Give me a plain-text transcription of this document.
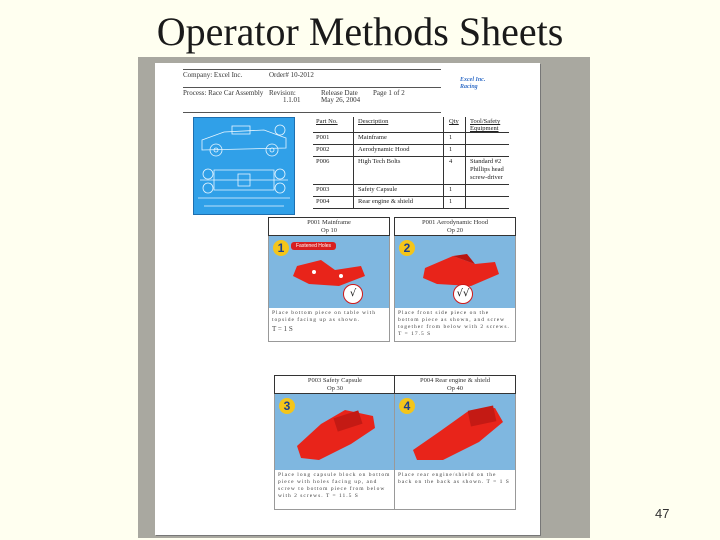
Operator Methods Sheets
Company: Excel Inc.	Order# 10-2012
Process: Race Car Assembly Revision:
1.1.01
Release Date
May 26, 2004
Page 1 of 2
Excel Inc. Racing
Part No.	Description	Qty Tool/Safety Equipment
P001	Mainframe	1
P002	Aerodynamic Hood	1
P006	High Tech Bolts	4	Standard #2 Phillips head screw-driver
P003	Safety Capsule	1
P004	Rear engine & shield	1
P001 Mainframe
Op 10
1	Fastened Holes
√
Place bottom piece on table with topside facing up as shown.
T = 1 S
P001 Aerodynamic Hood
Op 20
2
√√
Place front side piece on the bottom piece as shown, and screw together from below with 2 screws. T = 17.5 S
P003 Safety Capsule
Op 30
3
Place long capsule block on bottom piece with holes facing up, and screw to bottom piece from below with 2 screws. T = 11.5 S
P004 Rear engine & shield
Op 40
4
Place rear engine/shield on the back on the back as shown. T = 1 S
47
